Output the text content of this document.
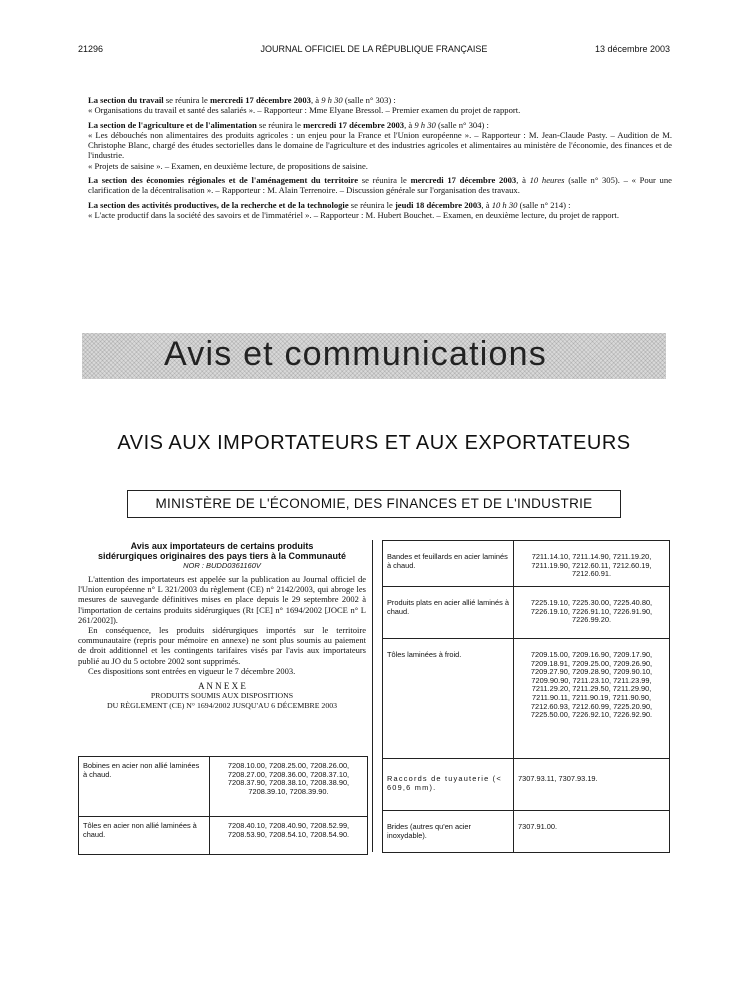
21296	JOURNAL OFFICIEL DE LA RÉPUBLIQUE FRANÇAISE	13 décembre 2003

La section du travail se réunira le mercredi 17 décembre 2003, à 9 h 30 (salle n° 303) :

« Organisations du travail et santé des salariés ». – Rapporteur : Mme Elyane Bressol. – Premier examen du projet de rapport.

La section de l'agriculture et de l'alimentation se réunira le mercredi 17 décembre 2003, à 9 h 30 (salle n° 304) :

« Les débouchés non alimentaires des produits agricoles : un enjeu pour la France et l'Union européenne ». – Rapporteur : M. Jean-Claude Pasty. – Audition de M. Christophe Blanc, chargé des études sectorielles dans le domaine de l'agriculture et des industries agricoles et alimentaires au ministère de l'économie, des finances et de l'industrie.

« Projets de saisine ». – Examen, en deuxième lecture, de propositions de saisine.

La section des économies régionales et de l'aménagement du territoire se réunira le mercredi 17 décembre 2003, à 10 heures (salle n° 305). – « Pour une clarification de la décentralisation ». – Rapporteur : M. Alain Terrenoire. – Discussion générale sur l'organisation des travaux.

La section des activités productives, de la recherche et de la technologie se réunira le jeudi 18 décembre 2003, à 10 h 30 (salle n° 214) :

« L'acte productif dans la société des savoirs et de l'immatériel ». – Rapporteur : M. Hubert Bouchet. – Examen, en deuxième lecture, du projet de rapport.

Avis et communications
AVIS AUX IMPORTATEURS ET AUX EXPORTATEURS
MINISTÈRE DE L'ÉCONOMIE, DES FINANCES ET DE L'INDUSTRIE
Avis aux importateurs de certains produits
sidérurgiques originaires des pays tiers à la Communauté
NOR : BUDD0361160V

L'attention des importateurs est appelée sur la publication au Journal officiel de l'Union européenne n° L 321/2003 du règlement (CE) n° 2142/2003, qui abroge les mesures de sauvegarde définitives mises en place depuis le 29 septembre 2002 à l'importation de certains produits sidérurgiques (Rt [CE] n° 1694/2002 [JOCE n° L 261/2002]).

En conséquence, les produits sidérurgiques importés sur le territoire communautaire (repris pour mémoire en annexe) ne sont plus soumis au paiement de droit additionnel et les contingents tarifaires visés par l'avis aux importateurs publié au JO du 5 octobre 2002 sont supprimés.

Ces dispositions sont entrées en vigueur le 7 décembre 2003.

A N N E X E
PRODUITS SOUMIS AUX DISPOSITIONS
DU RÈGLEMENT (CE) N° 1694/2002 JUSQU'AU 6 DÉCEMBRE 2003
Bobines en acier non allié laminées à chaud.	7208.10.00, 7208.25.00, 7208.26.00, 7208.27.00, 7208.36.00, 7208.37.10, 7208.37.90, 7208.38.10, 7208.38.90, 7208.39.10, 7208.39.90.
Tôles en acier non allié laminées à chaud.	7208.40.10, 7208.40.90, 7208.52.99, 7208.53.90, 7208.54.10, 7208.54.90.
Bandes et feuillards en acier laminés à chaud.	7211.14.10, 7211.14.90, 7211.19.20, 7211.19.90, 7212.60.11, 7212.60.19, 7212.60.91.
Produits plats en acier allié laminés à chaud.	7225.19.10, 7225.30.00, 7225.40.80, 7226.19.10, 7226.91.10, 7226.91.90, 7226.99.20.
Tôles laminées à froid.	7209.15.00, 7209.16.90, 7209.17.90, 7209.18.91, 7209.25.00, 7209.26.90, 7209.27.90, 7209.28.90, 7209.90.10, 7209.90.90, 7211.23.10, 7211.23.99, 7211.29.20, 7211.29.50, 7211.29.90, 7211.90.11, 7211.90.19, 7211.90.90, 7212.60.93, 7212.60.99, 7225.20.90, 7225.50.00, 7226.92.10, 7226.92.90.
Raccords de tuyauterie (< 609,6 mm).	7307.93.11, 7307.93.19.
Brides (autres qu'en acier inoxydable).	7307.91.00.
